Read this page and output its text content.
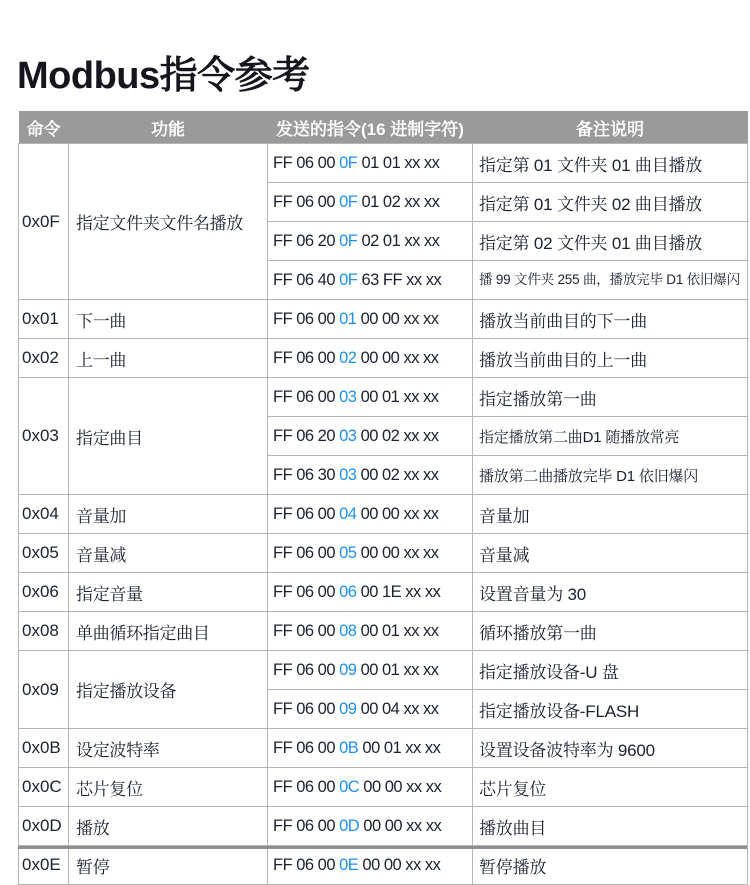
Modbus指令参考
命令	功能	发送的指令(16 进制字符)	备注说明
0x0F	指定文件夹文件名播放	FF 06 00 0F 01 01 xx xx	指定第 01 文件夹 01 曲目播放
		FF 06 00 0F 01 02 xx xx	指定第 01 文件夹 02 曲目播放
		FF 06 20 0F 02 01 xx xx	指定第 02 文件夹 01 曲目播放
		FF 06 40 0F 63 FF xx xx	播 99 文件夹 255 曲，播放完毕 D1 依旧爆闪
0x01	下一曲	FF 06 00 01 00 00 xx xx	播放当前曲目的下一曲
0x02	上一曲	FF 06 00 02 00 00 xx xx	播放当前曲目的上一曲
0x03	指定曲目	FF 06 00 03 00 01 xx xx	指定播放第一曲
		FF 06 20 03 00 02 xx xx	指定播放第二曲D1 随播放常亮
		FF 06 30 03 00 02 xx xx	播放第二曲播放完毕 D1 依旧爆闪
0x04	音量加	FF 06 00 04 00 00 xx xx	音量加
0x05	音量减	FF 06 00 05 00 00 xx xx	音量减
0x06	指定音量	FF 06 00 06 00 1E xx xx	设置音量为 30
0x08	单曲循环指定曲目	FF 06 00 08 00 01 xx xx	循环播放第一曲
0x09	指定播放设备	FF 06 00 09 00 01 xx xx	指定播放设备-U 盘
		FF 06 00 09 00 04 xx xx	指定播放设备-FLASH
0x0B	设定波特率	FF 06 00 0B 00 01 xx xx	设置设备波特率为 9600
0x0C	芯片复位	FF 06 00 0C 00 00 xx xx	芯片复位
0x0D	播放	FF 06 00 0D 00 00 xx xx	播放曲目
0x0E	暂停	FF 06 00 0E 00 00 xx xx	暂停播放
